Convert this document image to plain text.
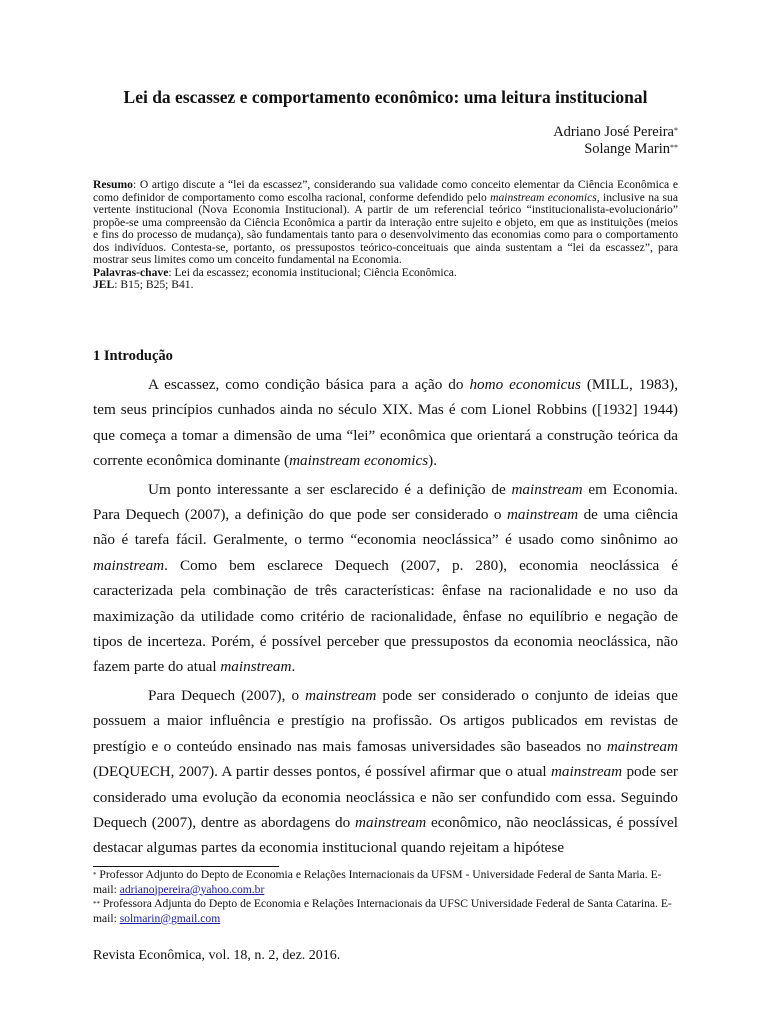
Lei da escassez e comportamento econômico: uma leitura institucional
Adriano José Pereira*
Solange Marin**

Resumo: O artigo discute a “lei da escassez”, considerando sua validade como conceito elementar da Ciência Econômica e como definidor de comportamento como escolha racional, conforme defendido pelo mainstream economics, inclusive na sua vertente institucional (Nova Economia Institucional). A partir de um referencial teórico “institucionalista-evolucionário” propõe-se uma compreensão da Ciência Econômica a partir da interação entre sujeito e objeto, em que as instituições (meios e fins do processo de mudança), são fundamentais tanto para o desenvolvimento das economias como para o comportamento dos indivíduos. Contesta-se, portanto, os pressupostos teórico-conceituais que ainda sustentam a “lei da escassez”, para mostrar seus limites como um conceito fundamental na Economia.

Palavras-chave: Lei da escassez; economia institucional; Ciência Econômica.

JEL: B15; B25; B41.

1 Introdução

A escassez, como condição básica para a ação do homo economicus (MILL, 1983), tem seus princípios cunhados ainda no século XIX. Mas é com Lionel Robbins ([1932] 1944) que começa a tomar a dimensão de uma “lei” econômica que orientará a construção teórica da corrente econômica dominante (mainstream economics).

Um ponto interessante a ser esclarecido é a definição de mainstream em Economia. Para Dequech (2007), a definição do que pode ser considerado o mainstream de uma ciência não é tarefa fácil. Geralmente, o termo “economia neoclássica” é usado como sinônimo ao mainstream. Como bem esclarece Dequech (2007, p. 280), economia neoclássica é caracterizada pela combinação de três características: ênfase na racionalidade e no uso da maximização da utilidade como critério de racionalidade, ênfase no equilíbrio e negação de tipos de incerteza. Porém, é possível perceber que pressupostos da economia neoclássica, não fazem parte do atual mainstream.

Para Dequech (2007), o mainstream pode ser considerado o conjunto de ideias que possuem a maior influência e prestígio na profissão. Os artigos publicados em revistas de prestígio e o conteúdo ensinado nas mais famosas universidades são baseados no mainstream (DEQUECH, 2007). A partir desses pontos, é possível afirmar que o atual mainstream pode ser considerado uma evolução da economia neoclássica e não ser confundido com essa. Seguindo Dequech (2007), dentre as abordagens do mainstream econômico, não neoclássicas, é possível destacar algumas partes da economia institucional quando rejeitam a hipótese

* Professor Adjunto do Depto de Economia e Relações Internacionais da UFSM - Universidade Federal de Santa Maria. E-mail: adrianojpereira@yahoo.com.br

** Professora Adjunta do Depto de Economia e Relações Internacionais da UFSC Universidade Federal de Santa Catarina. E-mail: solmarin@gmail.com

Revista Econômica, vol. 18, n. 2, dez. 2016.
